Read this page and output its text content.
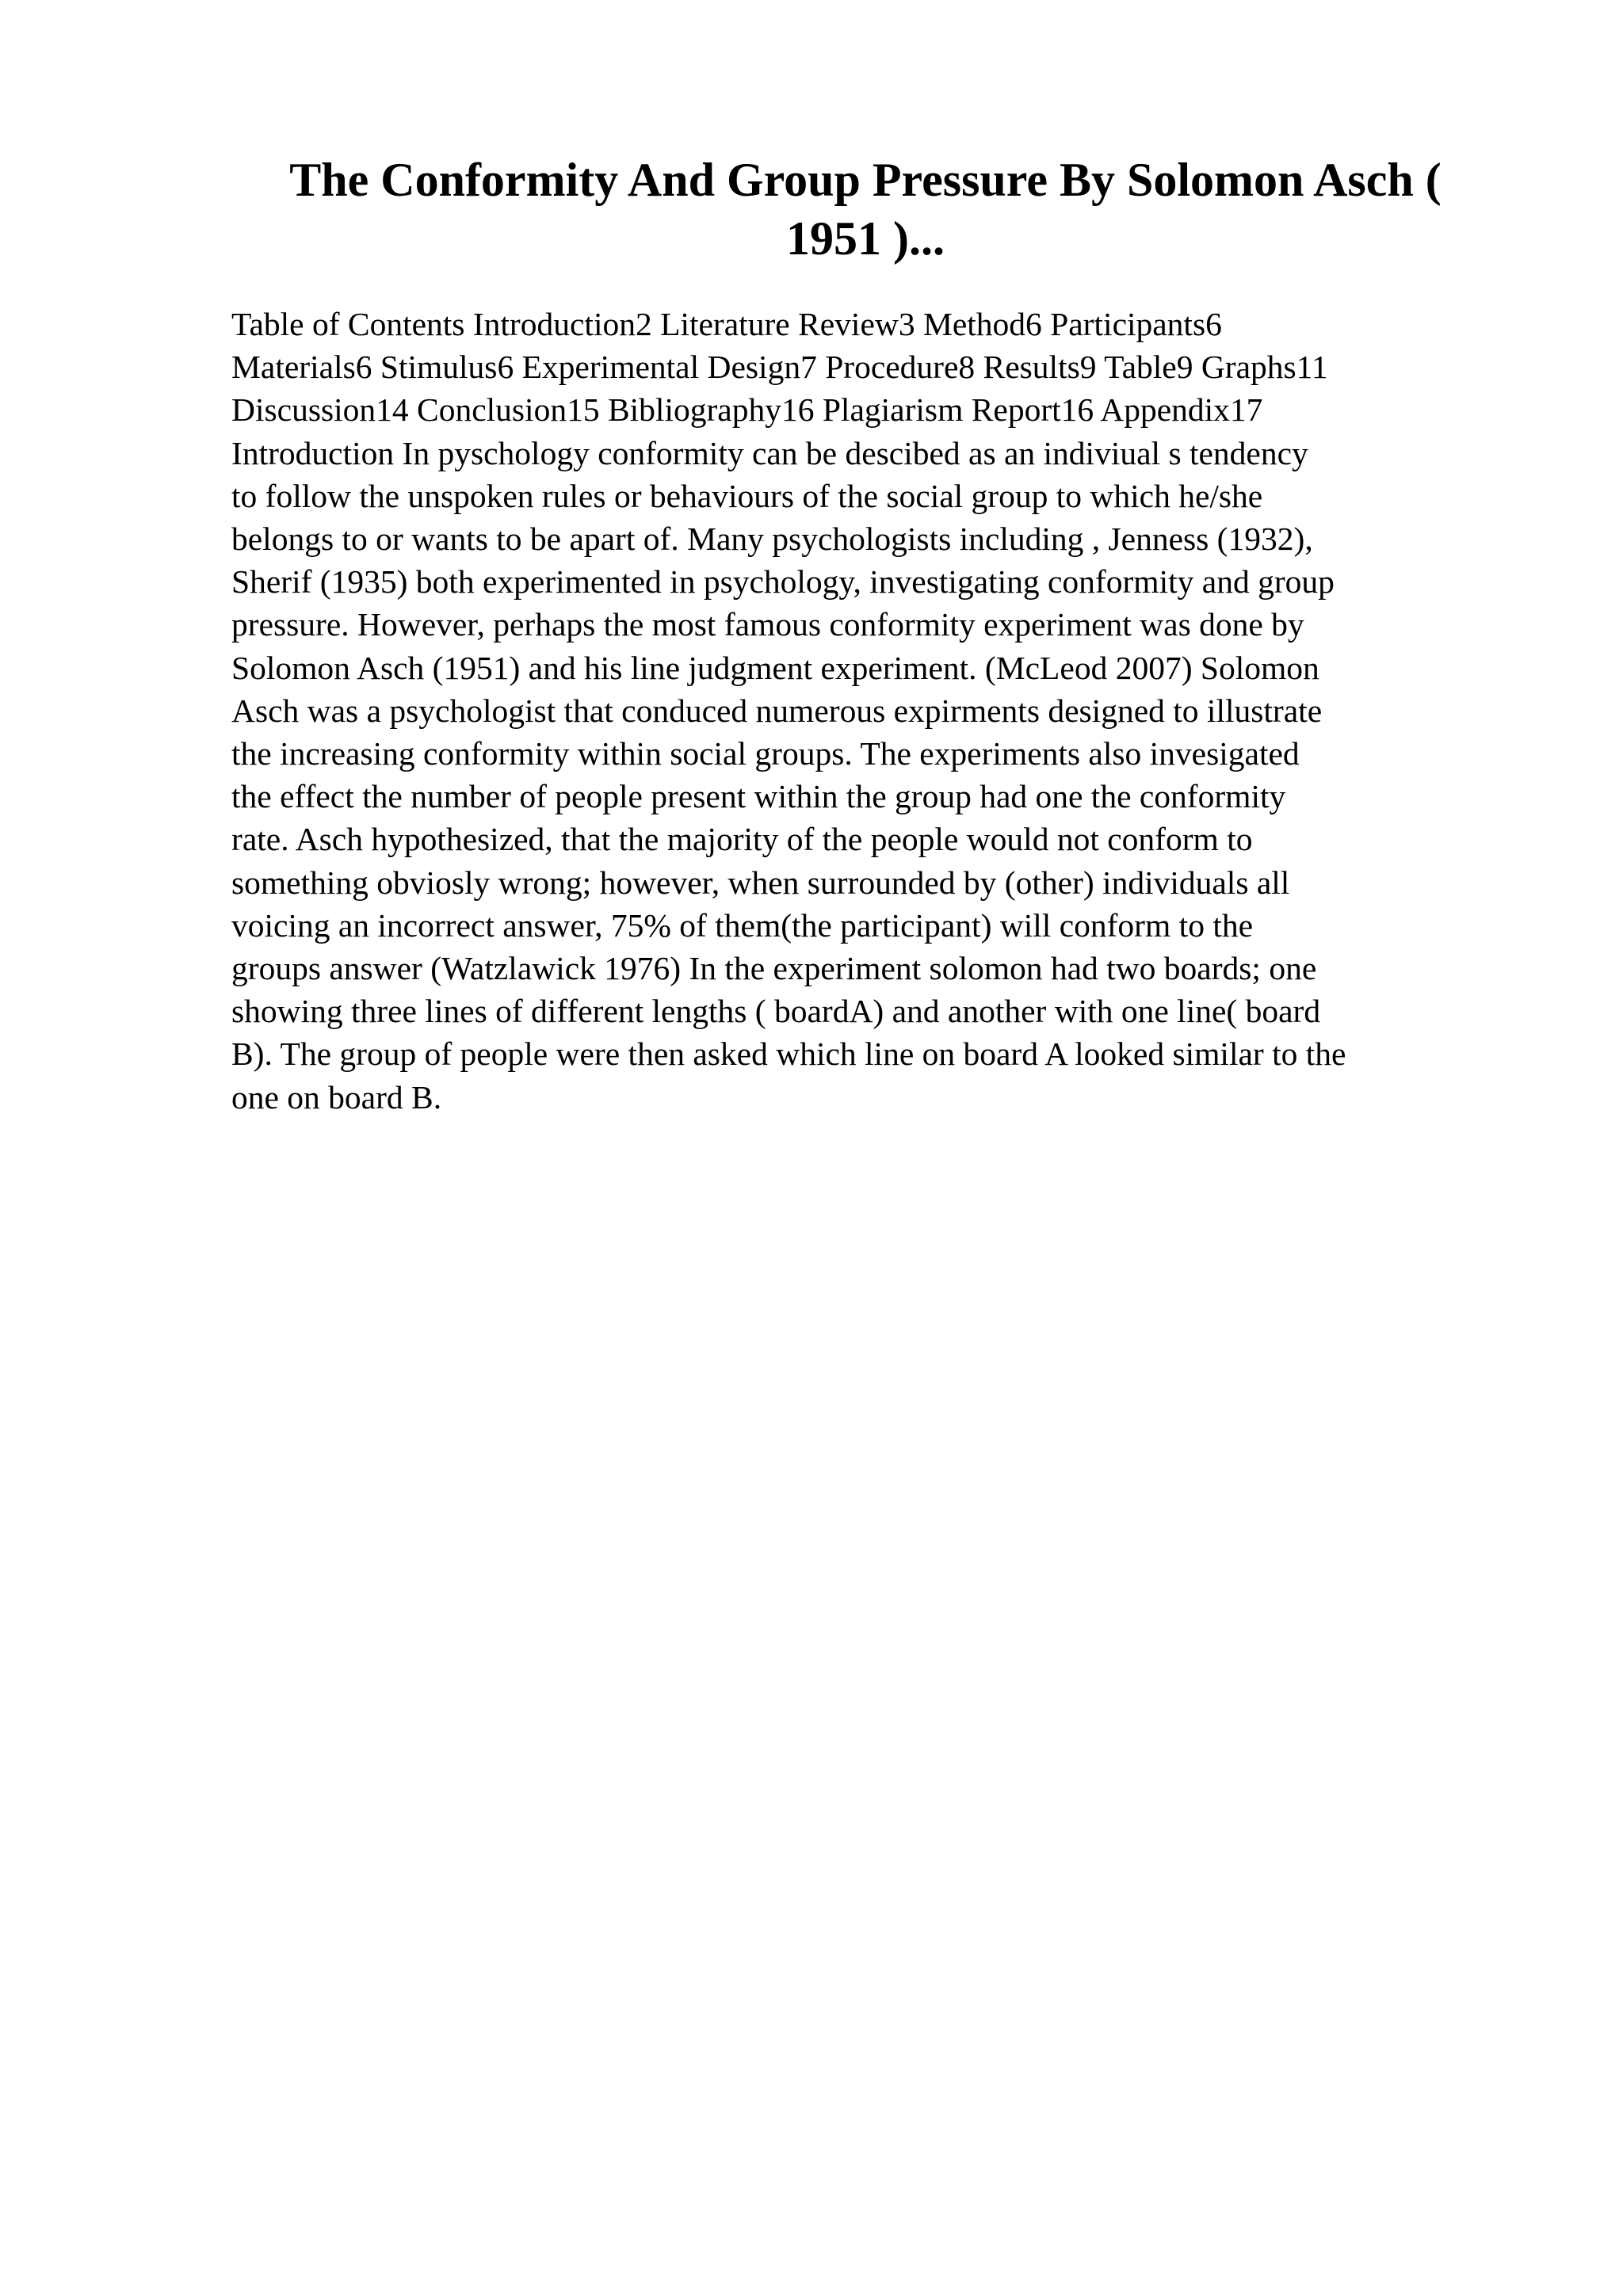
The Conformity And Group Pressure By Solomon Asch (
1951 )...
Table of Contents Introduction2 Literature Review3 Method6 Participants6
Materials6 Stimulus6 Experimental Design7 Procedure8 Results9 Table9 Graphs11
Discussion14 Conclusion15 Bibliography16 Plagiarism Report16 Appendix17
Introduction In pyschology conformity can be descibed as an indiviual s tendency
to follow the unspoken rules or behaviours of the social group to which he/she
belongs to or wants to be apart of. Many psychologists including , Jenness (1932),
Sherif (1935) both experimented in psychology, investigating conformity and group
pressure. However, perhaps the most famous conformity experiment was done by
Solomon Asch (1951) and his line judgment experiment. (McLeod 2007) Solomon
Asch was a psychologist that conduced numerous expirments designed to illustrate
the increasing conformity within social groups. The experiments also invesigated
the effect the number of people present within the group had one the conformity
rate. Asch hypothesized, that the majority of the people would not conform to
something obviosly wrong; however, when surrounded by (other) individuals all
voicing an incorrect answer, 75% of them(the participant) will conform to the
groups answer (Watzlawick 1976) In the experiment solomon had two boards; one
showing three lines of different lengths ( boardA) and another with one line( board
B). The group of people were then asked which line on board A looked similar to the
one on board B.
